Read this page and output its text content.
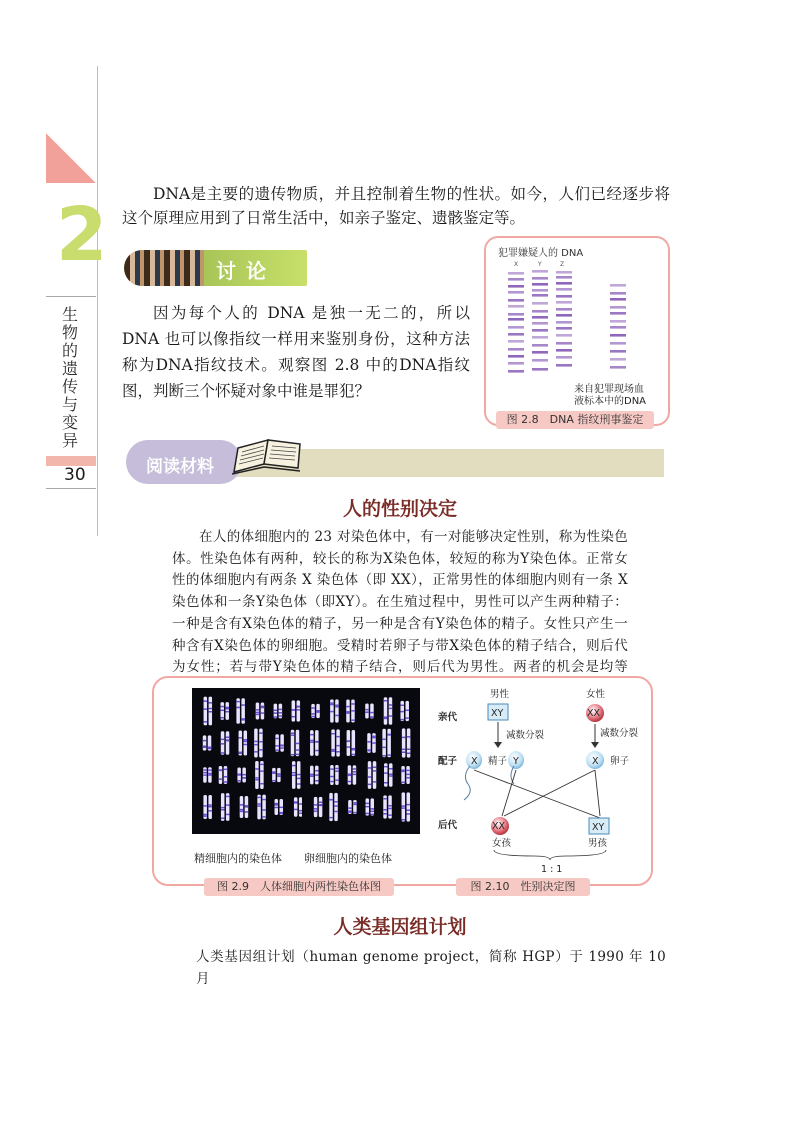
2
生物的遗传与变异
30
DNA是主要的遗传物质，并且控制着生物的性状。如今，人们已经逐步将这个原理应用到了日常生活中，如亲子鉴定、遗骸鉴定等。
讨论
因为每个人的 DNA 是独一无二的，所以 DNA 也可以像指纹一样用来鉴别身份，这种方法称为DNA指纹技术。观察图 2.8 中的DNA指纹图，判断三个怀疑对象中谁是罪犯？
犯罪嫌疑人的 DNA
X	Y	Z
来自犯罪现场血
液标本中的DNA
图 2.8　DNA 指纹刑事鉴定
阅读材料
人的性别决定
在人的体细胞内的 23 对染色体中，有一对能够决定性别，称为性染色体。性染色体有两种，较长的称为X染色体，较短的称为Y染色体。正常女性的体细胞内有两条 X 染色体（即 XX），正常男性的体细胞内则有一条 X 染色体和一条Y染色体（即XY）。在生殖过程中，男性可以产生两种精子：一种是含有X染色体的精子，另一种是含有Y染色体的精子。女性只产生一种含有X染色体的卵细胞。受精时若卵子与带X染色体的精子结合，则后代为女性；若与带Y染色体的精子结合，则后代为男性。两者的机会是均等
精细胞内的染色体 卵细胞内的染色体
图 2.9　人体细胞内两性染色体图
亲代
配子
后代
男性	女性
XY	XX
减数分裂	减数分裂
X 精子 Y	X 卵子
XX	XY
女孩	男孩
1 : 1
图 2.10　性别决定图
人类基因组计划
人类基因组计划（human genome project，简称 HGP）于 1990 年 10 月
